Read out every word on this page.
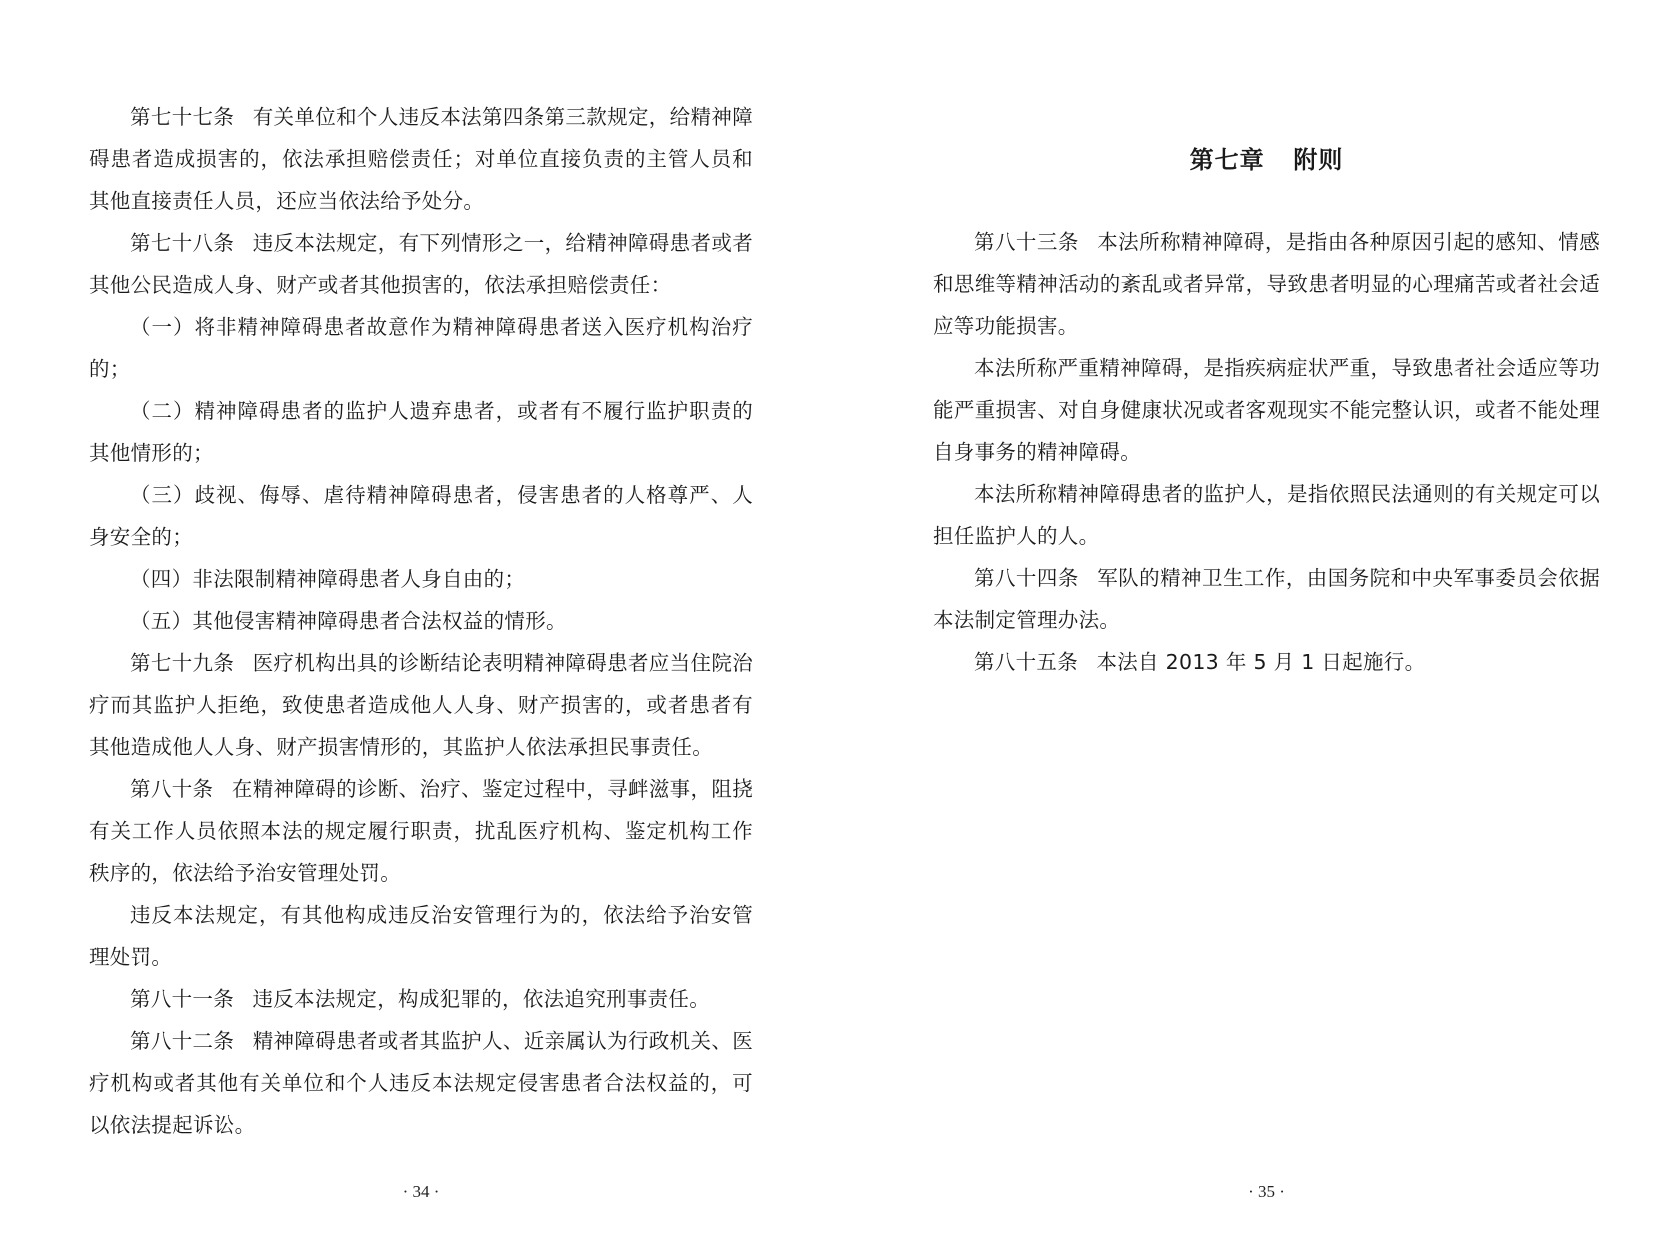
第七十七条 有关单位和个人违反本法第四条第三款规定，给精神障碍患者造成损害的，依法承担赔偿责任；对单位直接负责的主管人员和其他直接责任人员，还应当依法给予处分。

第七十八条 违反本法规定，有下列情形之一，给精神障碍患者或者其他公民造成人身、财产或者其他损害的，依法承担赔偿责任：

（一）将非精神障碍患者故意作为精神障碍患者送入医疗机构治疗的；

（二）精神障碍患者的监护人遗弃患者，或者有不履行监护职责的其他情形的；

（三）歧视、侮辱、虐待精神障碍患者，侵害患者的人格尊严、人身安全的；

（四）非法限制精神障碍患者人身自由的；

（五）其他侵害精神障碍患者合法权益的情形。

第七十九条 医疗机构出具的诊断结论表明精神障碍患者应当住院治疗而其监护人拒绝，致使患者造成他人人身、财产损害的，或者患者有其他造成他人人身、财产损害情形的，其监护人依法承担民事责任。

第八十条 在精神障碍的诊断、治疗、鉴定过程中，寻衅滋事，阻挠有关工作人员依照本法的规定履行职责，扰乱医疗机构、鉴定机构工作秩序的，依法给予治安管理处罚。

违反本法规定，有其他构成违反治安管理行为的，依法给予治安管理处罚。

第八十一条 违反本法规定，构成犯罪的，依法追究刑事责任。

第八十二条 精神障碍患者或者其监护人、近亲属认为行政机关、医疗机构或者其他有关单位和个人违反本法规定侵害患者合法权益的，可以依法提起诉讼。

· 34 ·
第七章 附则

第八十三条 本法所称精神障碍，是指由各种原因引起的感知、情感和思维等精神活动的紊乱或者异常，导致患者明显的心理痛苦或者社会适应等功能损害。

本法所称严重精神障碍，是指疾病症状严重，导致患者社会适应等功能严重损害、对自身健康状况或者客观现实不能完整认识，或者不能处理自身事务的精神障碍。

本法所称精神障碍患者的监护人，是指依照民法通则的有关规定可以担任监护人的人。

第八十四条 军队的精神卫生工作，由国务院和中央军事委员会依据本法制定管理办法。

第八十五条 本法自 2013 年 5 月 1 日起施行。

· 35 ·
